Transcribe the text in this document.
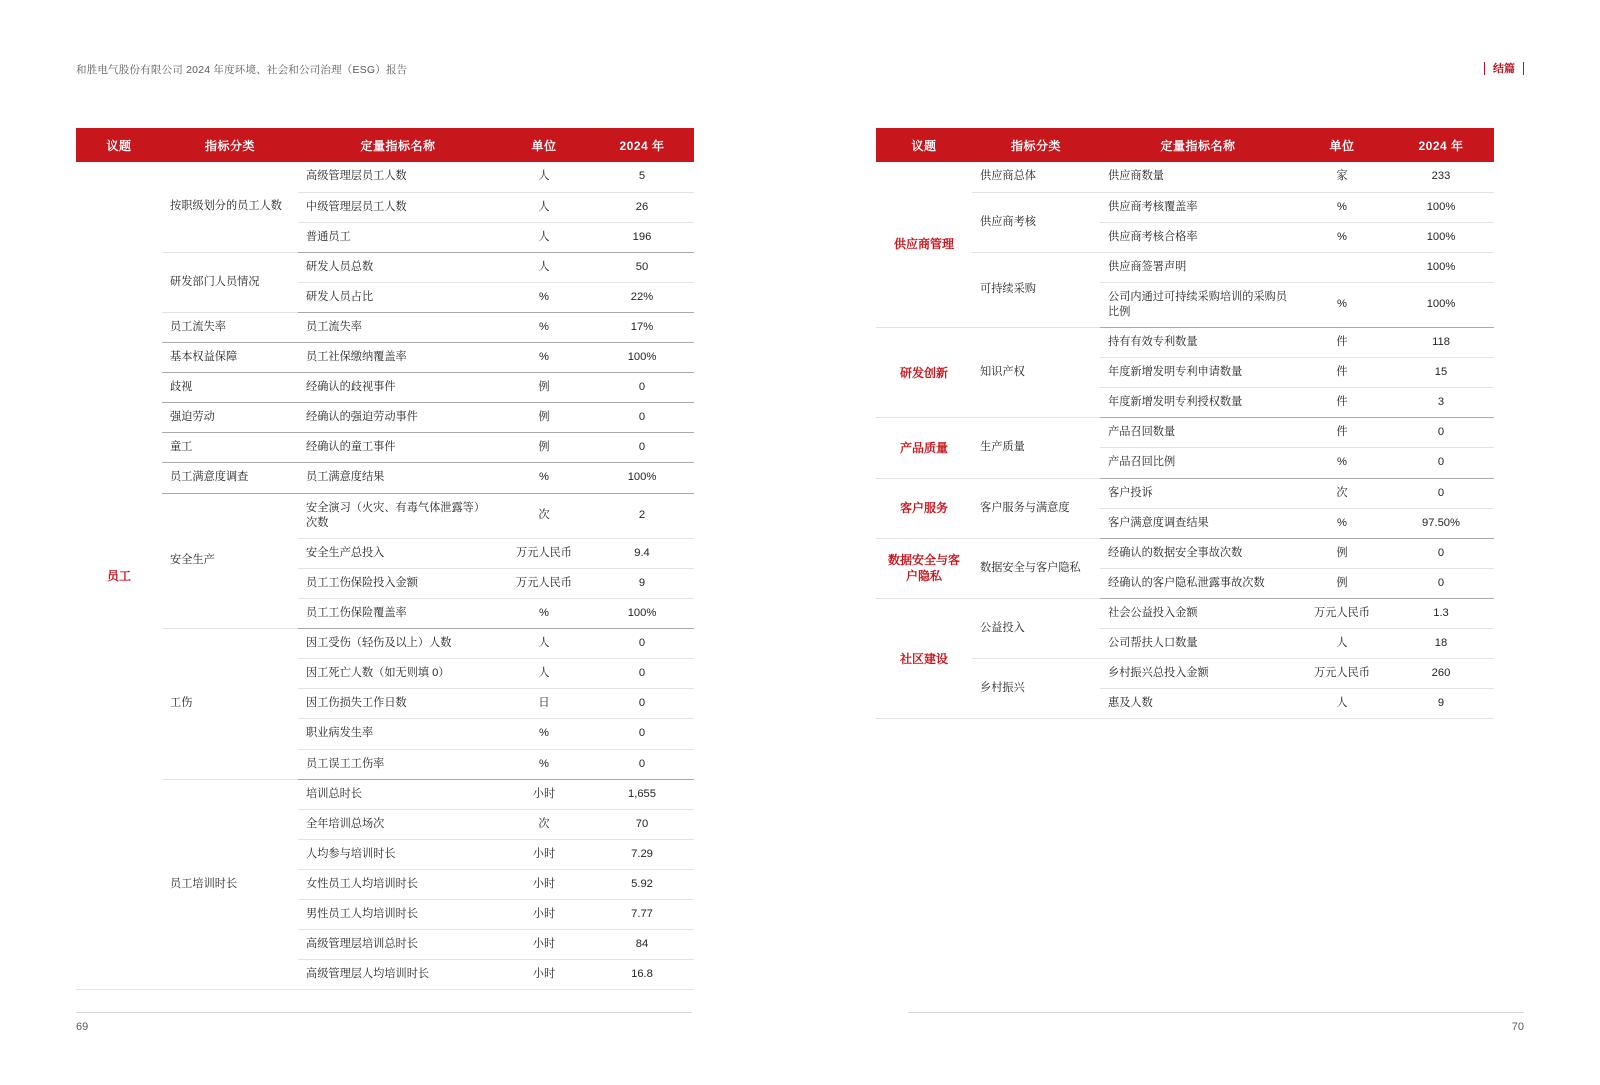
和胜电气股份有限公司 2024 年度环境、社会和公司治理（ESG）报告
议题	指标分类	定量指标名称	单位	2024 年
员工	按职级划分的员工人数	高级管理层员工人数	人	5
		中级管理层员工人数	人	26
		普通员工	人	196
	研发部门人员情况	研发人员总数	人	50
		研发人员占比	%	22%
	员工流失率	员工流失率	%	17%
	基本权益保障	员工社保缴纳覆盖率	%	100%
	歧视	经确认的歧视事件	例	0
	强迫劳动	经确认的强迫劳动事件	例	0
	童工	经确认的童工事件	例	0
	员工满意度调查	员工满意度结果	%	100%
	安全生产	安全演习（火灾、有毒气体泄露等）次数	次	2
		安全生产总投入	万元人民币	9.4
		员工工伤保险投入金额	万元人民币	9
		员工工伤保险覆盖率	%	100%
	工伤	因工受伤（轻伤及以上）人数	人	0
		因工死亡人数（如无则填 0）	人	0
		因工伤损失工作日数	日	0
		职业病发生率	%	0
		员工误工工伤率	%	0
	员工培训时长	培训总时长	小时	1,655
		全年培训总场次	次	70
		人均参与培训时长	小时	7.29
		女性员工人均培训时长	小时	5.92
		男性员工人均培训时长	小时	7.77
		高级管理层培训总时长	小时	84
		高级管理层人均培训时长	小时	16.8
69
结篇
议题	指标分类	定量指标名称	单位	2024 年
供应商管理	供应商总体	供应商数量	家	233
	供应商考核	供应商考核覆盖率	%	100%
		供应商考核合格率	%	100%
	可持续采购	供应商签署声明		100%
		公司内通过可持续采购培训的采购员比例	%	100%
研发创新	知识产权	持有有效专利数量	件	118
		年度新增发明专利申请数量	件	15
		年度新增发明专利授权数量	件	3
产品质量	生产质量	产品召回数量	件	0
		产品召回比例	%	0
客户服务	客户服务与满意度	客户投诉	次	0
		客户满意度调查结果	%	97.50%
数据安全与客户隐私	数据安全与客户隐私	经确认的数据安全事故次数	例	0
		经确认的客户隐私泄露事故次数	例	0
社区建设	公益投入	社会公益投入金额	万元人民币	1.3
		公司帮扶人口数量	人	18
	乡村振兴	乡村振兴总投入金额	万元人民币	260
		惠及人数	人	9
70
